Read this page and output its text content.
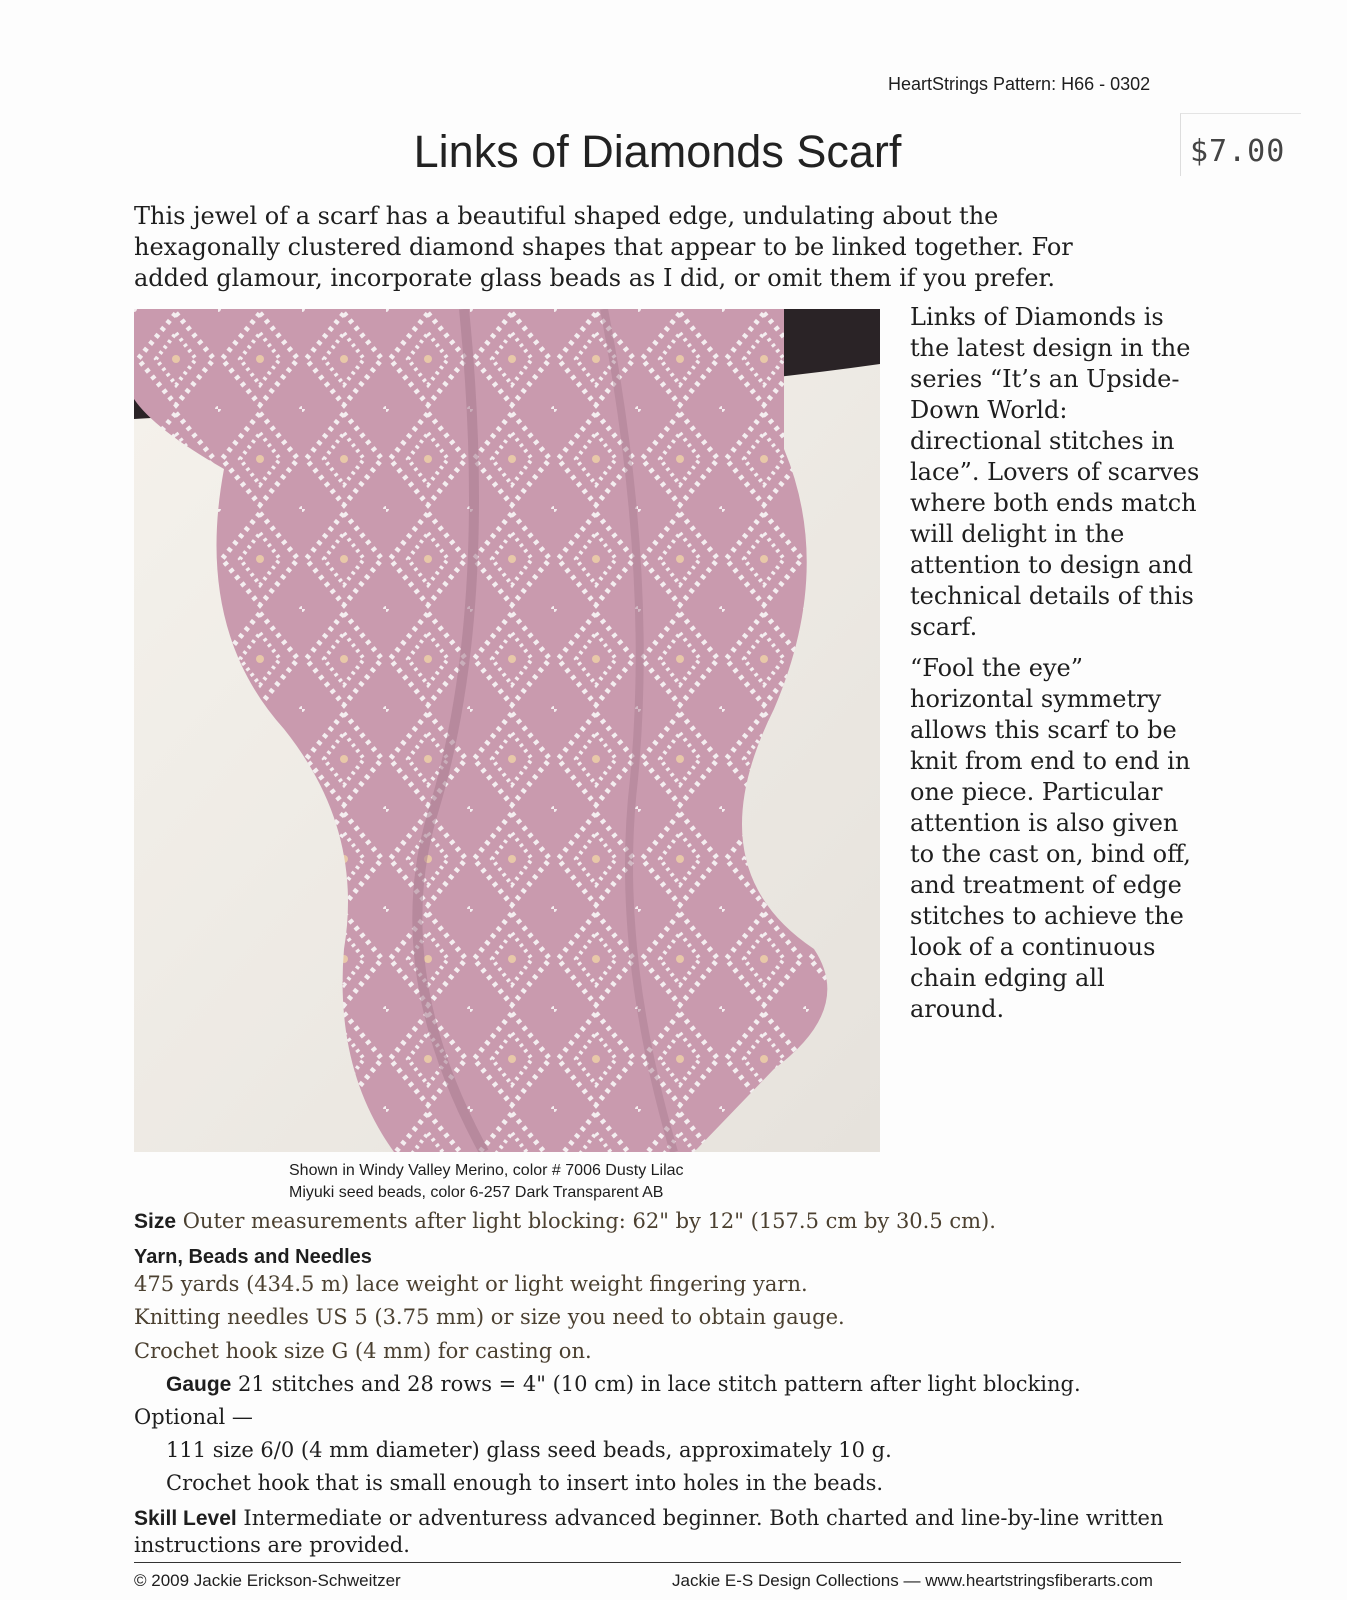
HeartStrings Pattern: H66 - 0302
Links of Diamonds Scarf	$7.00
This jewel of a scarf has a beautiful shaped edge, undulating about the hexagonally clustered diamond shapes that appear to be linked together. For added glamour, incorporate glass beads as I did, or omit them if you prefer.

Links of Diamonds is the latest design in the series “It’s an Upside-Down World: directional stitches in lace”. Lovers of scarves where both ends match will delight in the attention to design and technical details of this scarf.

“Fool the eye” horizontal symmetry allows this scarf to be knit from end to end in one piece. Particular attention is also given to the cast on, bind off, and treatment of edge stitches to achieve the look of a continuous chain edging all around.

Shown in Windy Valley Merino, color # 7006 Dusty Lilac
Miyuki seed beads, color 6-257 Dark Transparent AB
Size Outer measurements after light blocking: 62" by 12" (157.5 cm by 30.5 cm).
Yarn, Beads and Needles
475 yards (434.5 m) lace weight or light weight fingering yarn.
Knitting needles US 5 (3.75 mm) or size you need to obtain gauge.
Crochet hook size G (4 mm) for casting on.
Gauge 21 stitches and 28 rows = 4" (10 cm) in lace stitch pattern after light blocking.
Optional —
111 size 6/0 (4 mm diameter) glass seed beads, approximately 10 g.
Crochet hook that is small enough to insert into holes in the beads.
Skill Level Intermediate or adventuress advanced beginner. Both charted and line-by-line written instructions are provided.
© 2009 Jackie Erickson-Schweitzer	Jackie E-S Design Collections — www.heartstringsfiberarts.com
